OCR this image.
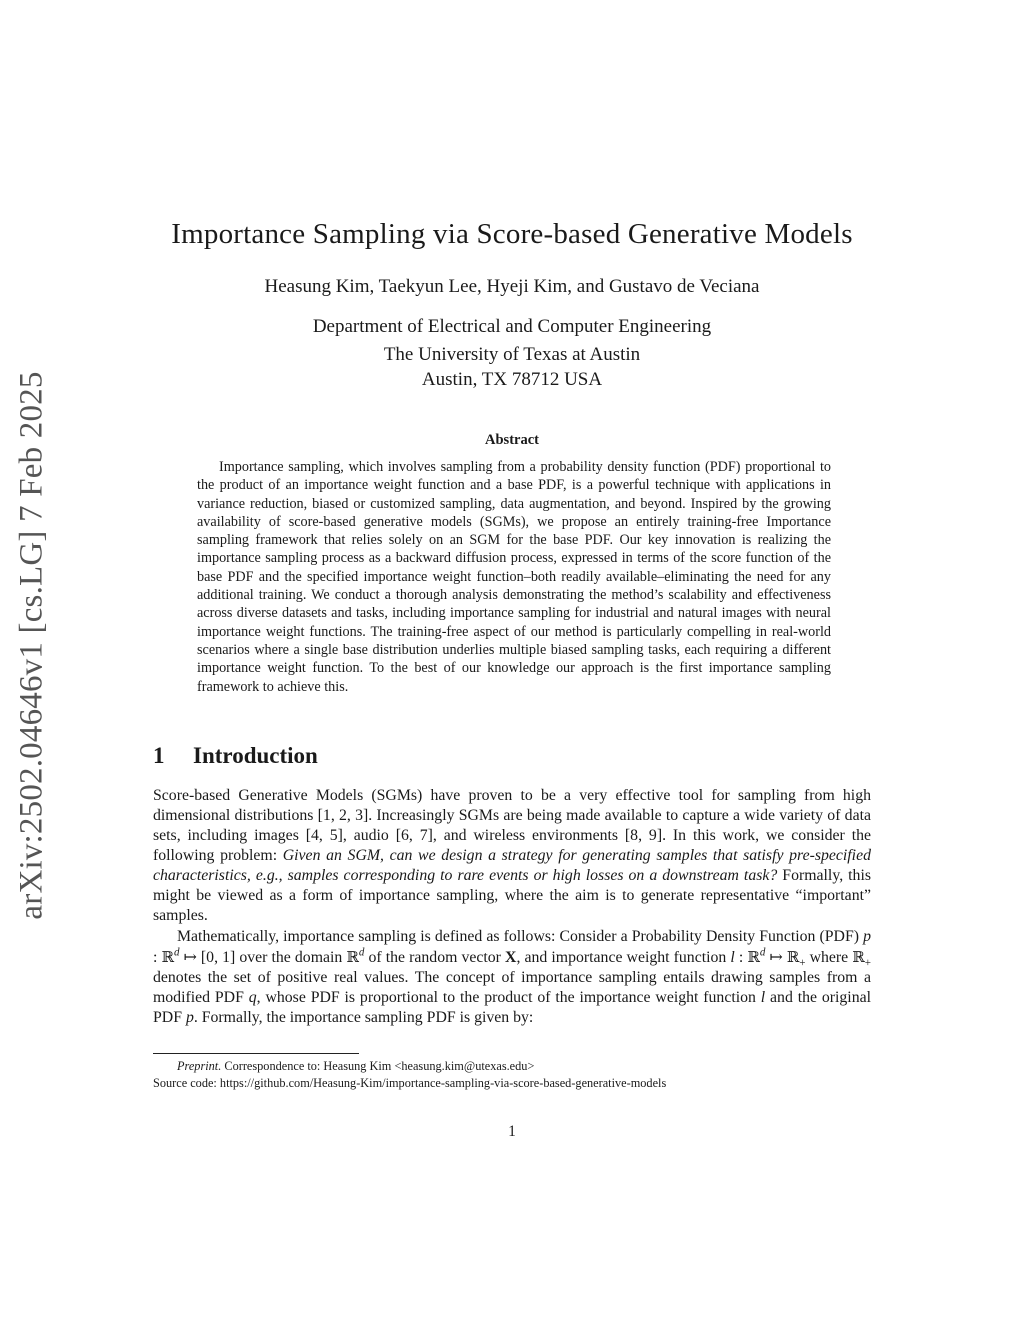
arXiv:2502.04646v1 [cs.LG] 7 Feb 2025
Importance Sampling via Score-based Generative Models
Heasung Kim, Taekyun Lee, Hyeji Kim, and Gustavo de Veciana
Department of Electrical and Computer Engineering
The University of Texas at Austin
Austin, TX 78712 USA
Abstract

Importance sampling, which involves sampling from a probability density function (PDF) proportional to the product of an importance weight function and a base PDF, is a powerful technique with applications in variance reduction, biased or customized sampling, data augmentation, and beyond. Inspired by the growing availability of score-based generative models (SGMs), we propose an entirely training-free Importance sampling framework that relies solely on an SGM for the base PDF. Our key innovation is realizing the importance sampling process as a backward diffusion process, expressed in terms of the score function of the base PDF and the specified importance weight function–both readily available–eliminating the need for any additional training. We conduct a thorough analysis demonstrating the method’s scalability and effectiveness across diverse datasets and tasks, including importance sampling for industrial and natural images with neural importance weight functions. The training-free aspect of our method is particularly compelling in real-world scenarios where a single base distribution underlies multiple biased sampling tasks, each requiring a different importance weight function. To the best of our knowledge our approach is the first importance sampling framework to achieve this.

1 Introduction

Score-based Generative Models (SGMs) have proven to be a very effective tool for sampling from high dimensional distributions [1, 2, 3]. Increasingly SGMs are being made available to capture a wide variety of data sets, including images [4, 5], audio [6, 7], and wireless environments [8, 9]. In this work, we consider the following problem: Given an SGM, can we design a strategy for generating samples that satisfy pre-specified characteristics, e.g., samples corresponding to rare events or high losses on a downstream task? Formally, this might be viewed as a form of importance sampling, where the aim is to generate representative “important” samples.

Mathematically, importance sampling is defined as follows: Consider a Probability Density Function (PDF) p : ℝ$^d$ ↦ [0, 1] over the domain ℝ$^d$ of the random vector X, and importance weight function l : ℝ$^d$ ↦ ℝ$_+$ where ℝ$_+$ denotes the set of positive real values. The concept of importance sampling entails drawing samples from a modified PDF q, whose PDF is proportional to the product of the importance weight function l and the original PDF p. Formally, the importance sampling PDF is given by:

Preprint. Correspondence to: Heasung Kim <heasung.kim@utexas.edu>
Source code: https://github.com/Heasung-Kim/importance-sampling-via-score-based-generative-models
1
